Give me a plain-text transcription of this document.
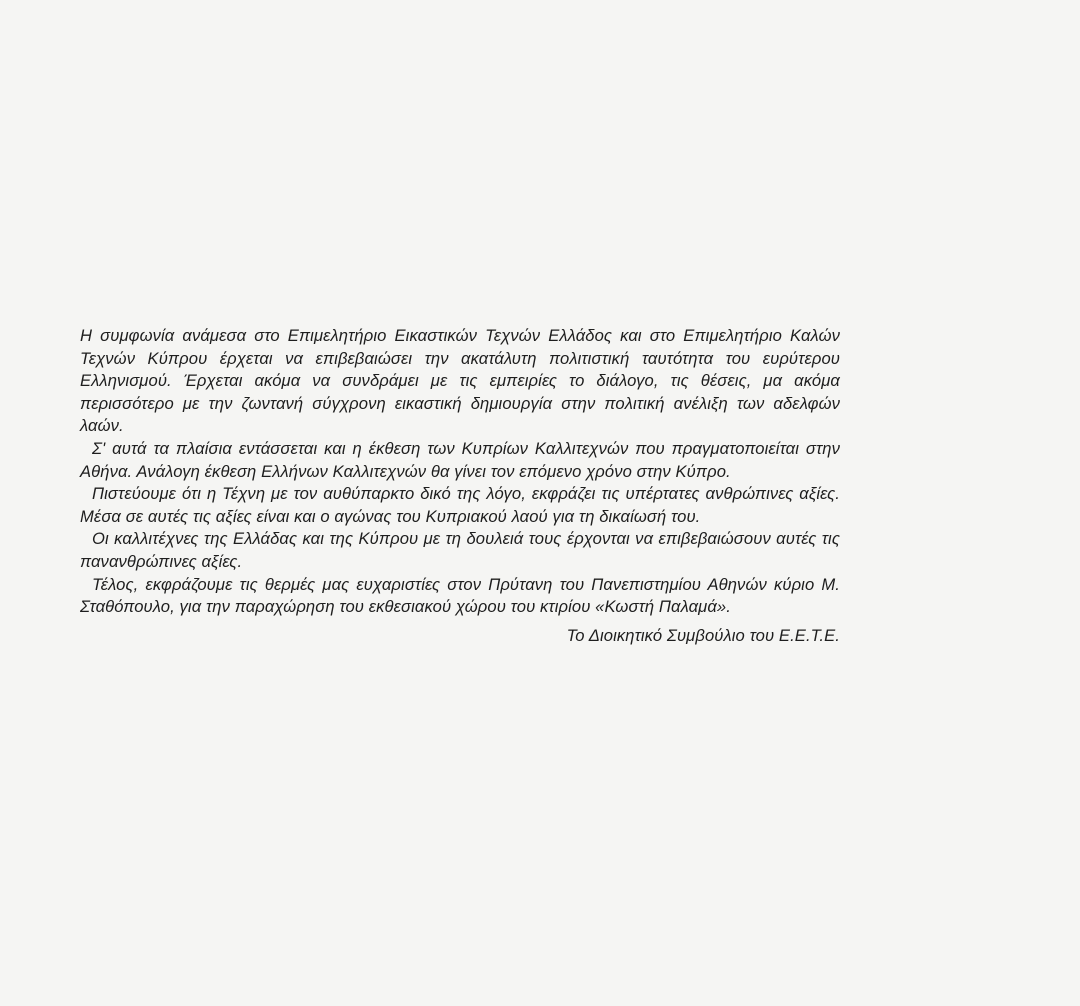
Η συμφωνία ανάμεσα στο Επιμελητήριο Εικαστικών Τεχνών Ελλάδος και στο Επιμελητήριο Καλών Τεχνών Κύπρου έρχεται να επιβεβαιώσει την ακατάλυτη πολιτιστική ταυτότητα του ευρύτερου Ελληνισμού. Έρχεται ακόμα να συνδράμει με τις εμπειρίες το διάλογο, τις θέσεις, μα ακόμα περισσότερο με την ζωντανή σύγχρονη εικαστική δημιουργία στην πολιτική ανέλιξη των αδελφών λαών.

Σ' αυτά τα πλαίσια εντάσσεται και η έκθεση των Κυπρίων Καλλιτεχνών που πραγματοποιείται στην Αθήνα. Ανάλογη έκθεση Ελλήνων Καλλιτεχνών θα γίνει τον επόμενο χρόνο στην Κύπρο.

Πιστεύουμε ότι η Τέχνη με τον αυθύπαρκτο δικό της λόγο, εκφράζει τις υπέρτατες ανθρώπινες αξίες. Μέσα σε αυτές τις αξίες είναι και ο αγώνας του Κυπριακού λαού για τη δικαίωσή του.

Οι καλλιτέχνες της Ελλάδας και της Κύπρου με τη δουλειά τους έρχονται να επιβεβαιώσουν αυτές τις πανανθρώπινες αξίες.

Τέλος, εκφράζουμε τις θερμές μας ευχαριστίες στον Πρύτανη του Πανεπιστημίου Αθηνών κύριο Μ. Σταθόπουλο, για την παραχώρηση του εκθεσιακού χώρου του κτιρίου «Κωστή Παλαμά».

Το Διοικητικό Συμβούλιο του Ε.Ε.Τ.Ε.
